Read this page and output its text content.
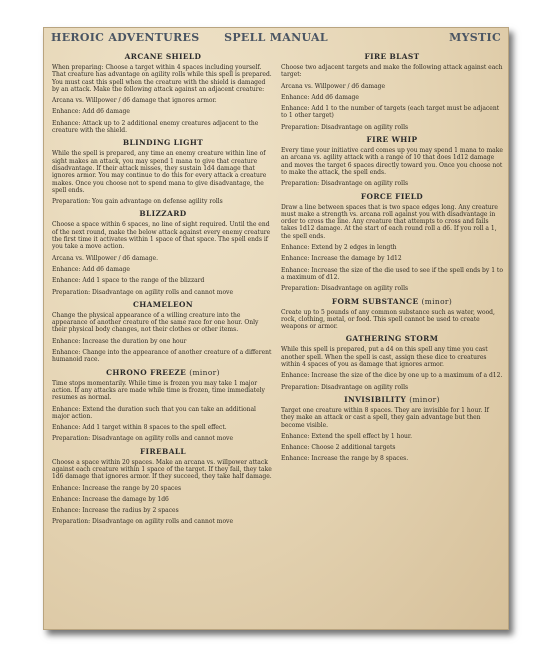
HEROIC ADVENTURES	SPELL MANUAL	MYSTIC
ARCANE SHIELD
When preparing: Choose a target within 4 spaces including yourself. That creature has advantage on agility rolls while this spell is prepared. You must cast this spell when the creature with the shield is damaged by an attack. Make the following attack against an adjacent creature:
Arcana vs. Willpower / d6 damage that ignores armor.
Enhance: Add d6 damage
Enhance: Attack up to 2 additional enemy creatures adjacent to the creature with the shield.
BLINDING LIGHT
While the spell is prepared, any time an enemy creature within line of sight makes an attack, you may spend 1 mana to give that creature disadvantage. If their attack misses, they sustain 1d4 damage that ignores armor. You may continue to do this for every attack a creature makes. Once you choose not to spend mana to give disadvantage, the spell ends.
Preparation: You gain advantage on defense agility rolls
BLIZZARD
Choose a space within 6 spaces, no line of sight required. Until the end of the next round, make the below attack against every enemy creature the first time it activates within 1 space of that space. The spell ends if you take a move action.
Arcana vs. Willpower / d6 damage.
Enhance: Add d6 damage
Enhance: Add 1 space to the range of the blizzard
Preparation: Disadvantage on agility rolls and cannot move
CHAMELEON
Change the physical appearance of a willing creature into the appearance of another creature of the same race for one hour. Only their physical body changes, not their clothes or other items.
Enhance: Increase the duration by one hour
Enhance: Change into the appearance of another creature of a different humanoid race.
CHRONO FREEZE (minor)
Time stops momentarily. While time is frozen you may take 1 major action. If any attacks are made while time is frozen, time immediately resumes as normal.
Enhance: Extend the duration such that you can take an additional major action.
Enhance: Add 1 target within 8 spaces to the spell effect.
Preparation: Disadvantage on agility rolls and cannot move
FIREBALL
Choose a space within 20 spaces. Make an arcana vs. willpower attack against each creature within 1 space of the target. If they fail, they take 1d6 damage that ignores armor. If they succeed, they take half damage.
Enhance: Increase the range by 20 spaces
Enhance: Increase the damage by 1d6
Enhance: Increase the radius by 2 spaces
Preparation: Disadvantage on agility rolls and cannot move
FIRE BLAST
Choose two adjacent targets and make the following attack against each target:
Arcana vs. Willpower / d6 damage
Enhance: Add d6 damage
Enhance: Add 1 to the number of targets (each target must be adjacent to 1 other target)
Preparation: Disadvantage on agility rolls
FIRE WHIP
Every time your initiative card comes up you may spend 1 mana to make an arcana vs. agility attack with a range of 10 that does 1d12 damage and moves the target 6 spaces directly toward you. Once you choose not to make the attack, the spell ends.
Preparation: Disadvantage on agility rolls
FORCE FIELD
Draw a line between spaces that is two space edges long. Any creature must make a strength vs. arcana roll against you with disadvantage in order to cross the line. Any creature that attempts to cross and fails takes 1d12 damage. At the start of each round roll a d6. If you roll a 1, the spell ends.
Enhance: Extend by 2 edges in length
Enhance: Increase the damage by 1d12
Enhance: Increase the size of the die used to see if the spell ends by 1 to a maximum of d12.
Preparation: Disadvantage on agility rolls
FORM SUBSTANCE (minor)
Create up to 5 pounds of any common substance such as water, wood, rock, clothing, metal, or food. This spell cannot be used to create weapons or armor.
GATHERING STORM
While this spell is prepared, put a d4 on this spell any time you cast another spell. When the spell is cast, assign these dice to creatures within 4 spaces of you as damage that ignores armor.
Enhance: Increase the size of the dice by one up to a maximum of a d12.
Preparation: Disadvantage on agility rolls
INVISIBILITY (minor)
Target one creature within 8 spaces. They are invisible for 1 hour. If they make an attack or cast a spell, they gain advantage but then become visible.
Enhance: Extend the spell effect by 1 hour.
Enhance: Choose 2 additional targets
Enhance: Increase the range by 8 spaces.
